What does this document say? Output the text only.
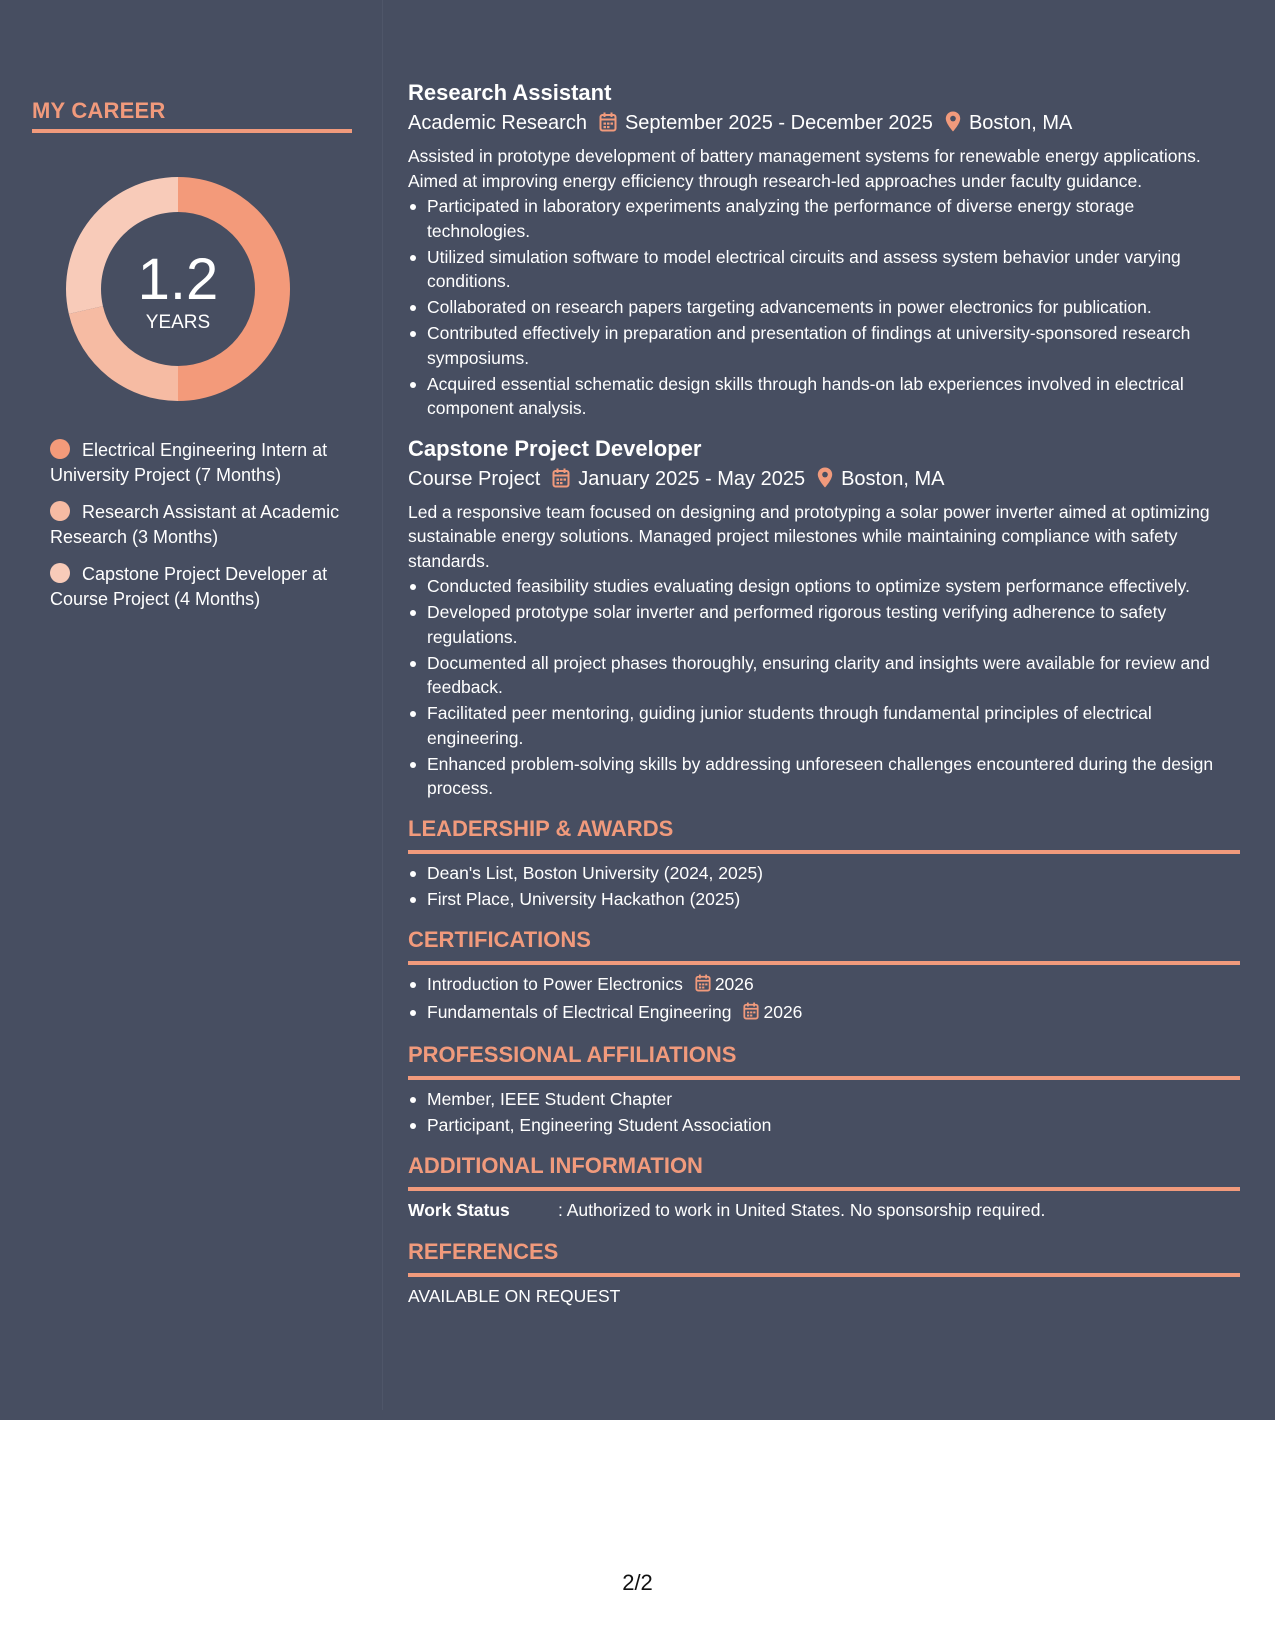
MY CAREER
1.2
YEARS
Electrical Engineering Intern at University Project (7 Months)
Research Assistant at Academic Research (3 Months)
Capstone Project Developer at Course Project (4 Months)
Research Assistant
Academic Research September 2025 - December 2025 Boston, MA

Assisted in prototype development of battery management systems for renewable energy applications. Aimed at improving energy efficiency through research-led approaches under faculty guidance.

Participated in laboratory experiments analyzing the performance of diverse energy storage technologies.
Utilized simulation software to model electrical circuits and assess system behavior under varying conditions.
Collaborated on research papers targeting advancements in power electronics for publication.
Contributed effectively in preparation and presentation of findings at university-sponsored research symposiums.
Acquired essential schematic design skills through hands-on lab experiences involved in electrical component analysis.
Capstone Project Developer
Course Project January 2025 - May 2025 Boston, MA

Led a responsive team focused on designing and prototyping a solar power inverter aimed at optimizing sustainable energy solutions. Managed project milestones while maintaining compliance with safety standards.

Conducted feasibility studies evaluating design options to optimize system performance effectively.
Developed prototype solar inverter and performed rigorous testing verifying adherence to safety regulations.
Documented all project phases thoroughly, ensuring clarity and insights were available for review and feedback.
Facilitated peer mentoring, guiding junior students through fundamental principles of electrical engineering.
Enhanced problem-solving skills by addressing unforeseen challenges encountered during the design process.
LEADERSHIP & AWARDS
Dean's List, Boston University (2024, 2025)
First Place, University Hackathon (2025)
CERTIFICATIONS
Introduction to Power Electronics 2026
Fundamentals of Electrical Engineering 2026
PROFESSIONAL AFFILIATIONS
Member, IEEE Student Chapter
Participant, Engineering Student Association
ADDITIONAL INFORMATION
Work Status	: Authorized to work in United States. No sponsorship required.
REFERENCES
AVAILABLE ON REQUEST
2/2
